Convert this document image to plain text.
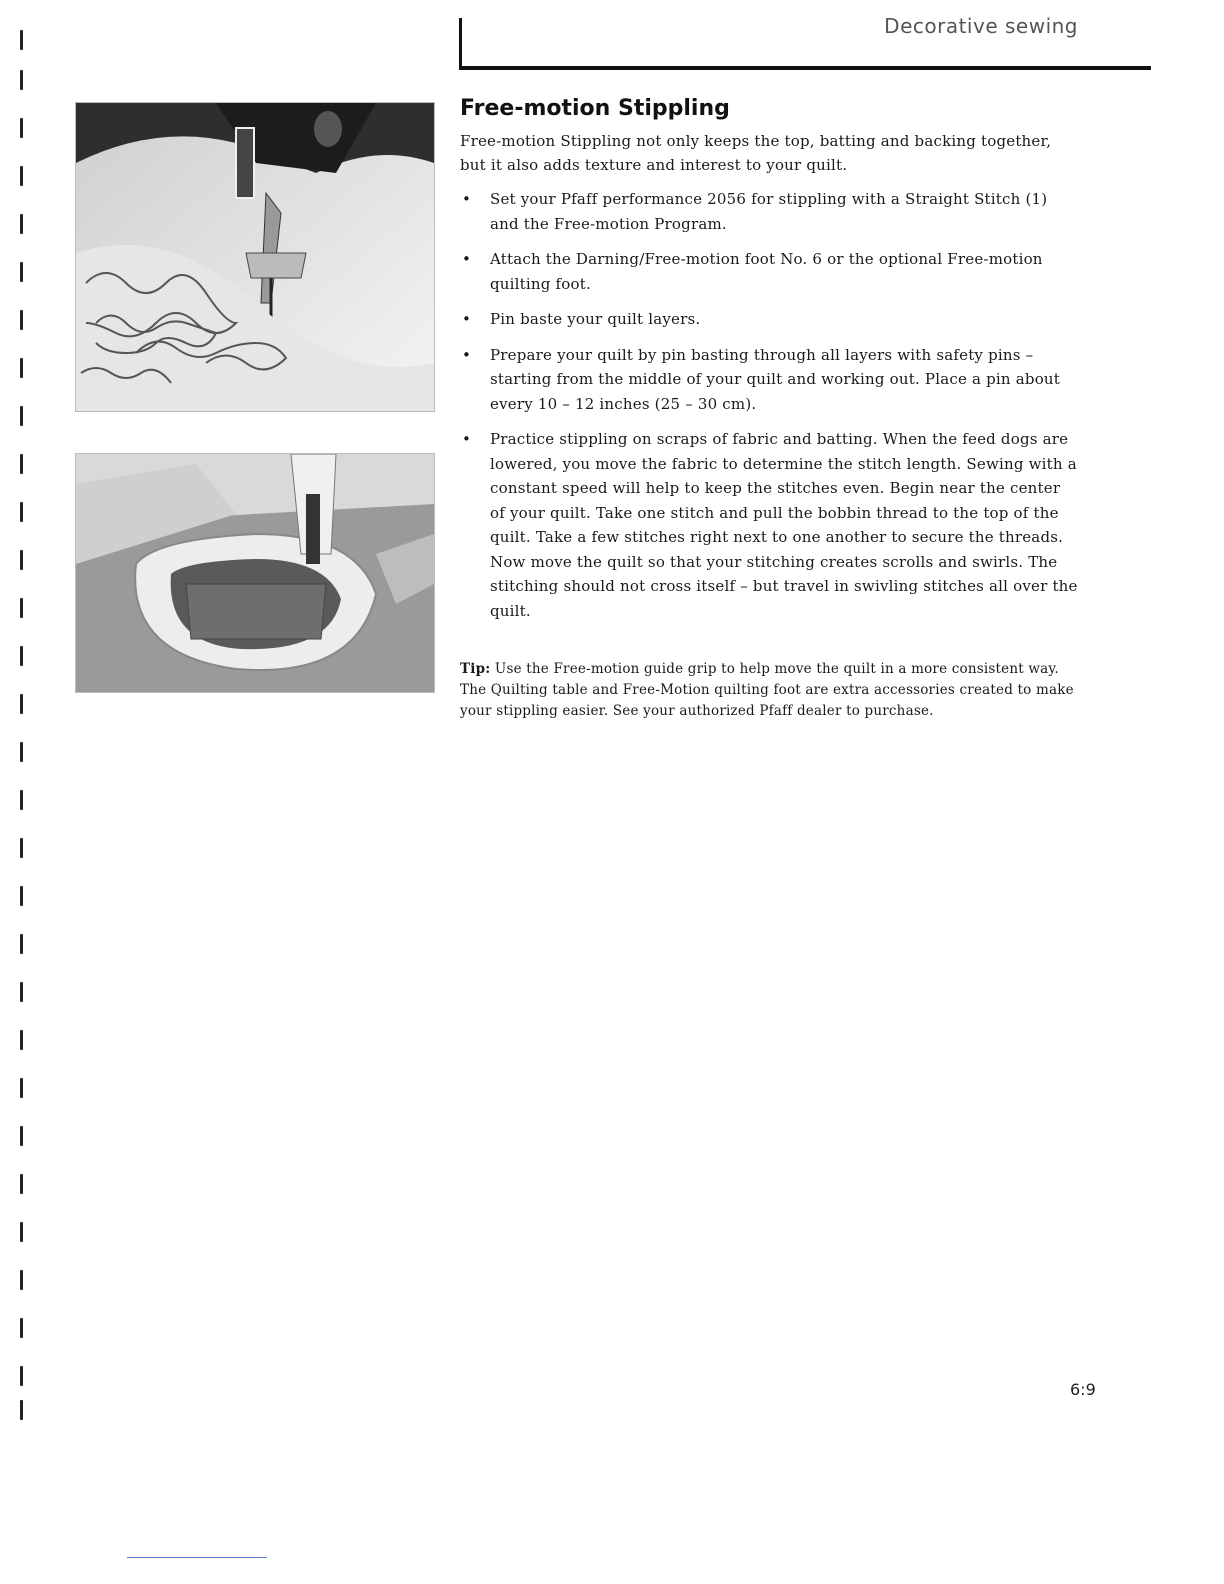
Decorative sewing
Free-motion Stippling

Free-motion Stippling not only keeps the top, batting and backing together, but it also adds texture and interest to your quilt.

• Set your Pfaff performance 2056 for stippling with a Straight Stitch (1) and the Free-motion Program.
• Attach the Darning/Free-motion foot No. 6 or the optional Free-motion quilting foot.
• Pin baste your quilt layers.
• Prepare your quilt by pin basting through all layers with safety pins – starting from the middle of your quilt and working out. Place a pin about every 10 – 12 inches (25 – 30 cm).
• Practice stippling on scraps of fabric and batting. When the feed dogs are lowered, you move the fabric to determine the stitch length. Sewing with a constant speed will help to keep the stitches even. Begin near the center of your quilt. Take one stitch and pull the bobbin thread to the top of the quilt. Take a few stitches right next to one another to secure the threads. Now move the quilt so that your stitching creates scrolls and swirls. The stitching should not cross itself – but travel in swivling stitches all over the quilt.

Tip: Use the Free-motion guide grip to help move the quilt in a more consistent way. The Quilting table and Free-Motion quilting foot are extra accessories created to make your stippling easier. See your authorized Pfaff dealer to purchase.

6:9
